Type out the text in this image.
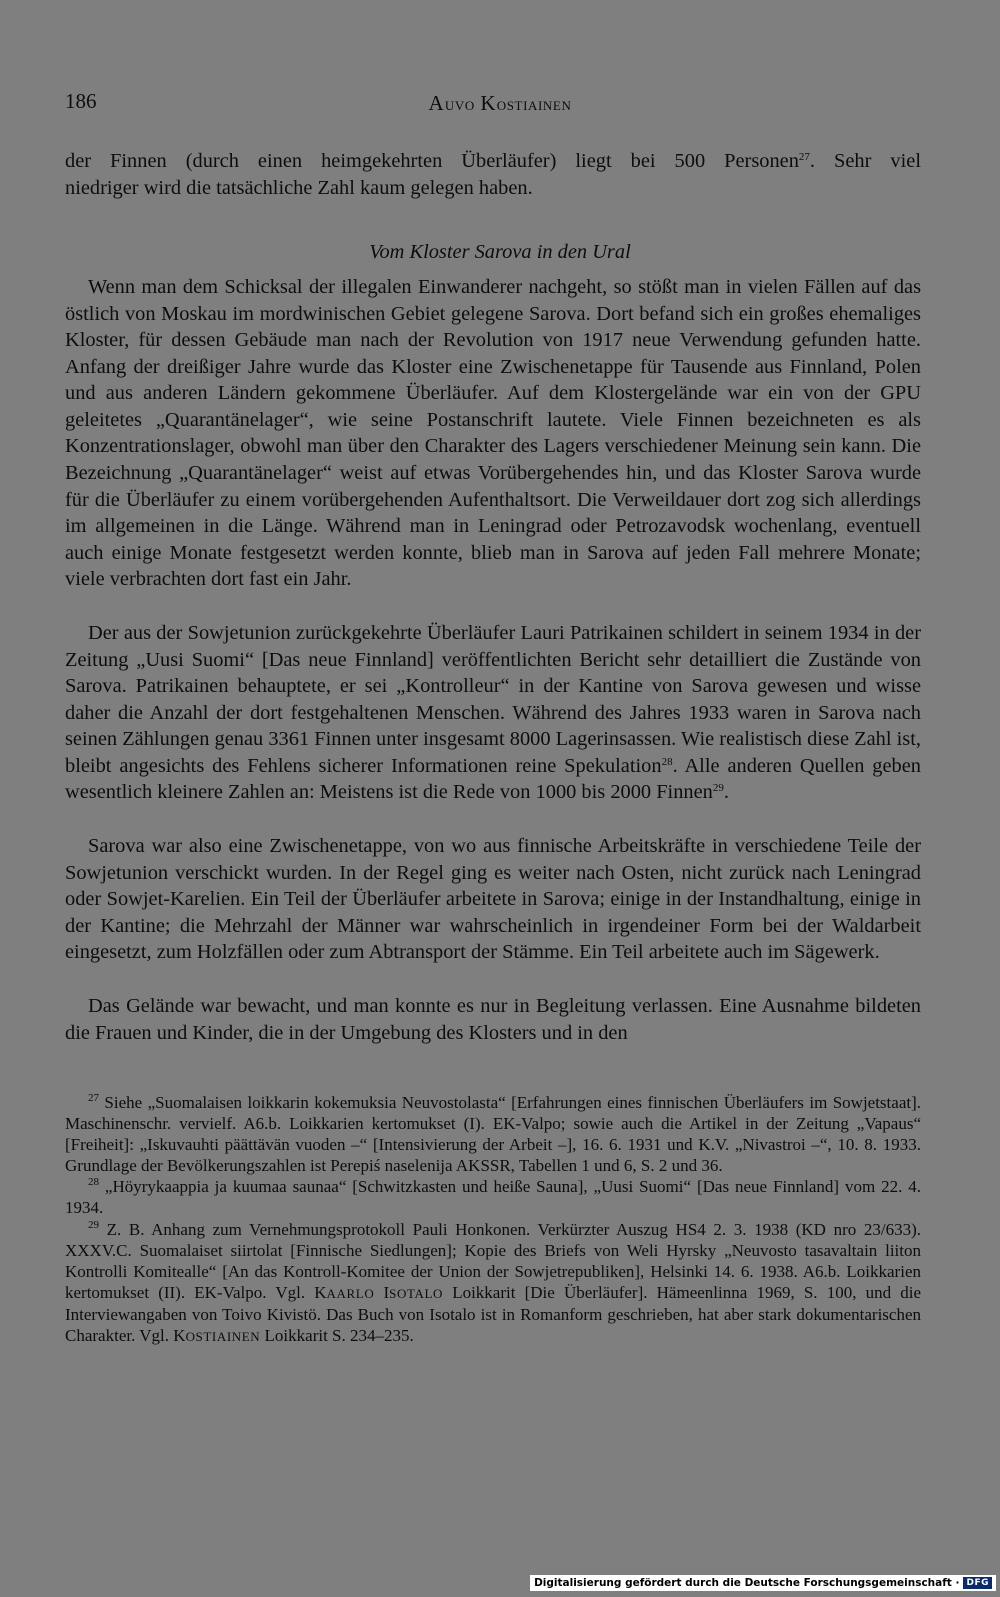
186	AUVO KOSTIAINEN

der Finnen (durch einen heimgekehrten Überläufer) liegt bei 500 Personen$^{27}$. Sehr viel

niedriger wird die tatsächliche Zahl kaum gelegen haben.

Vom Kloster Sarova in den Ural

Wenn man dem Schicksal der illegalen Einwanderer nachgeht, so stößt man in vielen Fällen auf das östlich von Moskau im mordwinischen Gebiet gelegene Sarova. Dort befand sich ein großes ehemaliges Kloster, für dessen Gebäude man nach der Revolution von 1917 neue Verwendung gefunden hatte. Anfang der dreißiger Jahre wurde das Kloster eine Zwischenetappe für Tausende aus Finnland, Polen und aus anderen Ländern gekommene Überläufer. Auf dem Klostergelände war ein von der GPU geleitetes „Quarantänelager“, wie seine Postanschrift lautete. Viele Finnen bezeichneten es als Konzentrationslager, obwohl man über den Charakter des Lagers verschiedener Meinung sein kann. Die Bezeichnung „Quarantänelager“ weist auf etwas Vorübergehendes hin, und das Kloster Sarova wurde für die Überläufer zu einem vorübergehenden Aufenthaltsort. Die Verweildauer dort zog sich allerdings im allgemeinen in die Länge. Während man in Leningrad oder Petrozavodsk wochenlang, eventuell auch einige Monate festgesetzt werden konnte, blieb man in Sarova auf jeden Fall mehrere Monate; viele verbrachten dort fast ein Jahr.

Der aus der Sowjetunion zurückgekehrte Überläufer Lauri Patrikainen schildert in seinem 1934 in der Zeitung „Uusi Suomi“ [Das neue Finnland] veröffentlichten Bericht sehr detailliert die Zustände von Sarova. Patrikainen behauptete, er sei „Kontrolleur“ in der Kantine von Sarova gewesen und wisse daher die Anzahl der dort festgehaltenen Menschen. Während des Jahres 1933 waren in Sarova nach seinen Zählungen genau 3361 Finnen unter insgesamt 8000 Lagerinsassen. Wie realistisch diese Zahl ist, bleibt angesichts des Fehlens sicherer Informationen reine Spekulation$^{28}$. Alle anderen Quellen geben wesentlich kleinere Zahlen an: Meistens ist die Rede von 1000 bis 2000 Finnen$^{29}$.

Sarova war also eine Zwischenetappe, von wo aus finnische Arbeitskräfte in verschiedene Teile der Sowjetunion verschickt wurden. In der Regel ging es weiter nach Osten, nicht zurück nach Leningrad oder Sowjet-Karelien. Ein Teil der Überläufer arbeitete in Sarova; einige in der Instandhaltung, einige in der Kantine; die Mehrzahl der Männer war wahrscheinlich in irgendeiner Form bei der Waldarbeit eingesetzt, zum Holzfällen oder zum Abtransport der Stämme. Ein Teil arbeitete auch im Sägewerk.

Das Gelände war bewacht, und man konnte es nur in Begleitung verlassen. Eine Ausnahme bildeten die Frauen und Kinder, die in der Umgebung des Klosters und in den

$^{27}$ Siehe „Suomalaisen loikkarin kokemuksia Neuvostolasta“ [Erfahrungen eines finnischen Überläufers im Sowjetstaat]. Maschinenschr. vervielf. A6.b. Loikkarien kertomukset (I). EK-Valpo; sowie auch die Artikel in der Zeitung „Vapaus“ [Freiheit]: „Iskuvauhti päättävän vuoden –“ [Intensivierung der Arbeit –], 16. 6. 1931 und K.V. „Nivastroi –“, 10. 8. 1933. Grundlage der Bevölkerungszahlen ist Perepiś naselenija AKSSR, Tabellen 1 und 6, S. 2 und 36.

$^{28}$ „Höyrykaappia ja kuumaa saunaa“ [Schwitzkasten und heiße Sauna], „Uusi Suomi“ [Das neue Finnland] vom 22. 4. 1934.

$^{29}$ Z. B. Anhang zum Vernehmungsprotokoll Pauli Honkonen. Verkürzter Auszug HS4 2. 3. 1938 (KD nro 23/633). XXXV.C. Suomalaiset siirtolat [Finnische Siedlungen]; Kopie des Briefs von Weli Hyrsky „Neuvosto tasavaltain liiton Kontrolli Komitealle“ [An das Kontroll-Komitee der Union der Sowjetrepubliken], Helsinki 14. 6. 1938. A6.b. Loikkarien kertomukset (II). EK-Valpo. Vgl. KAARLO ISOTALO Loikkarit [Die Überläufer]. Hämeenlinna 1969, S. 100, und die Interviewangaben von Toivo Kivistö. Das Buch von Isotalo ist in Romanform geschrieben, hat aber stark dokumentarischen Charakter. Vgl. KOSTIAINEN Loikkarit S. 234–235.

Digitalisierung gefördert durch die Deutsche Forschungsgemeinschaft · DFG
